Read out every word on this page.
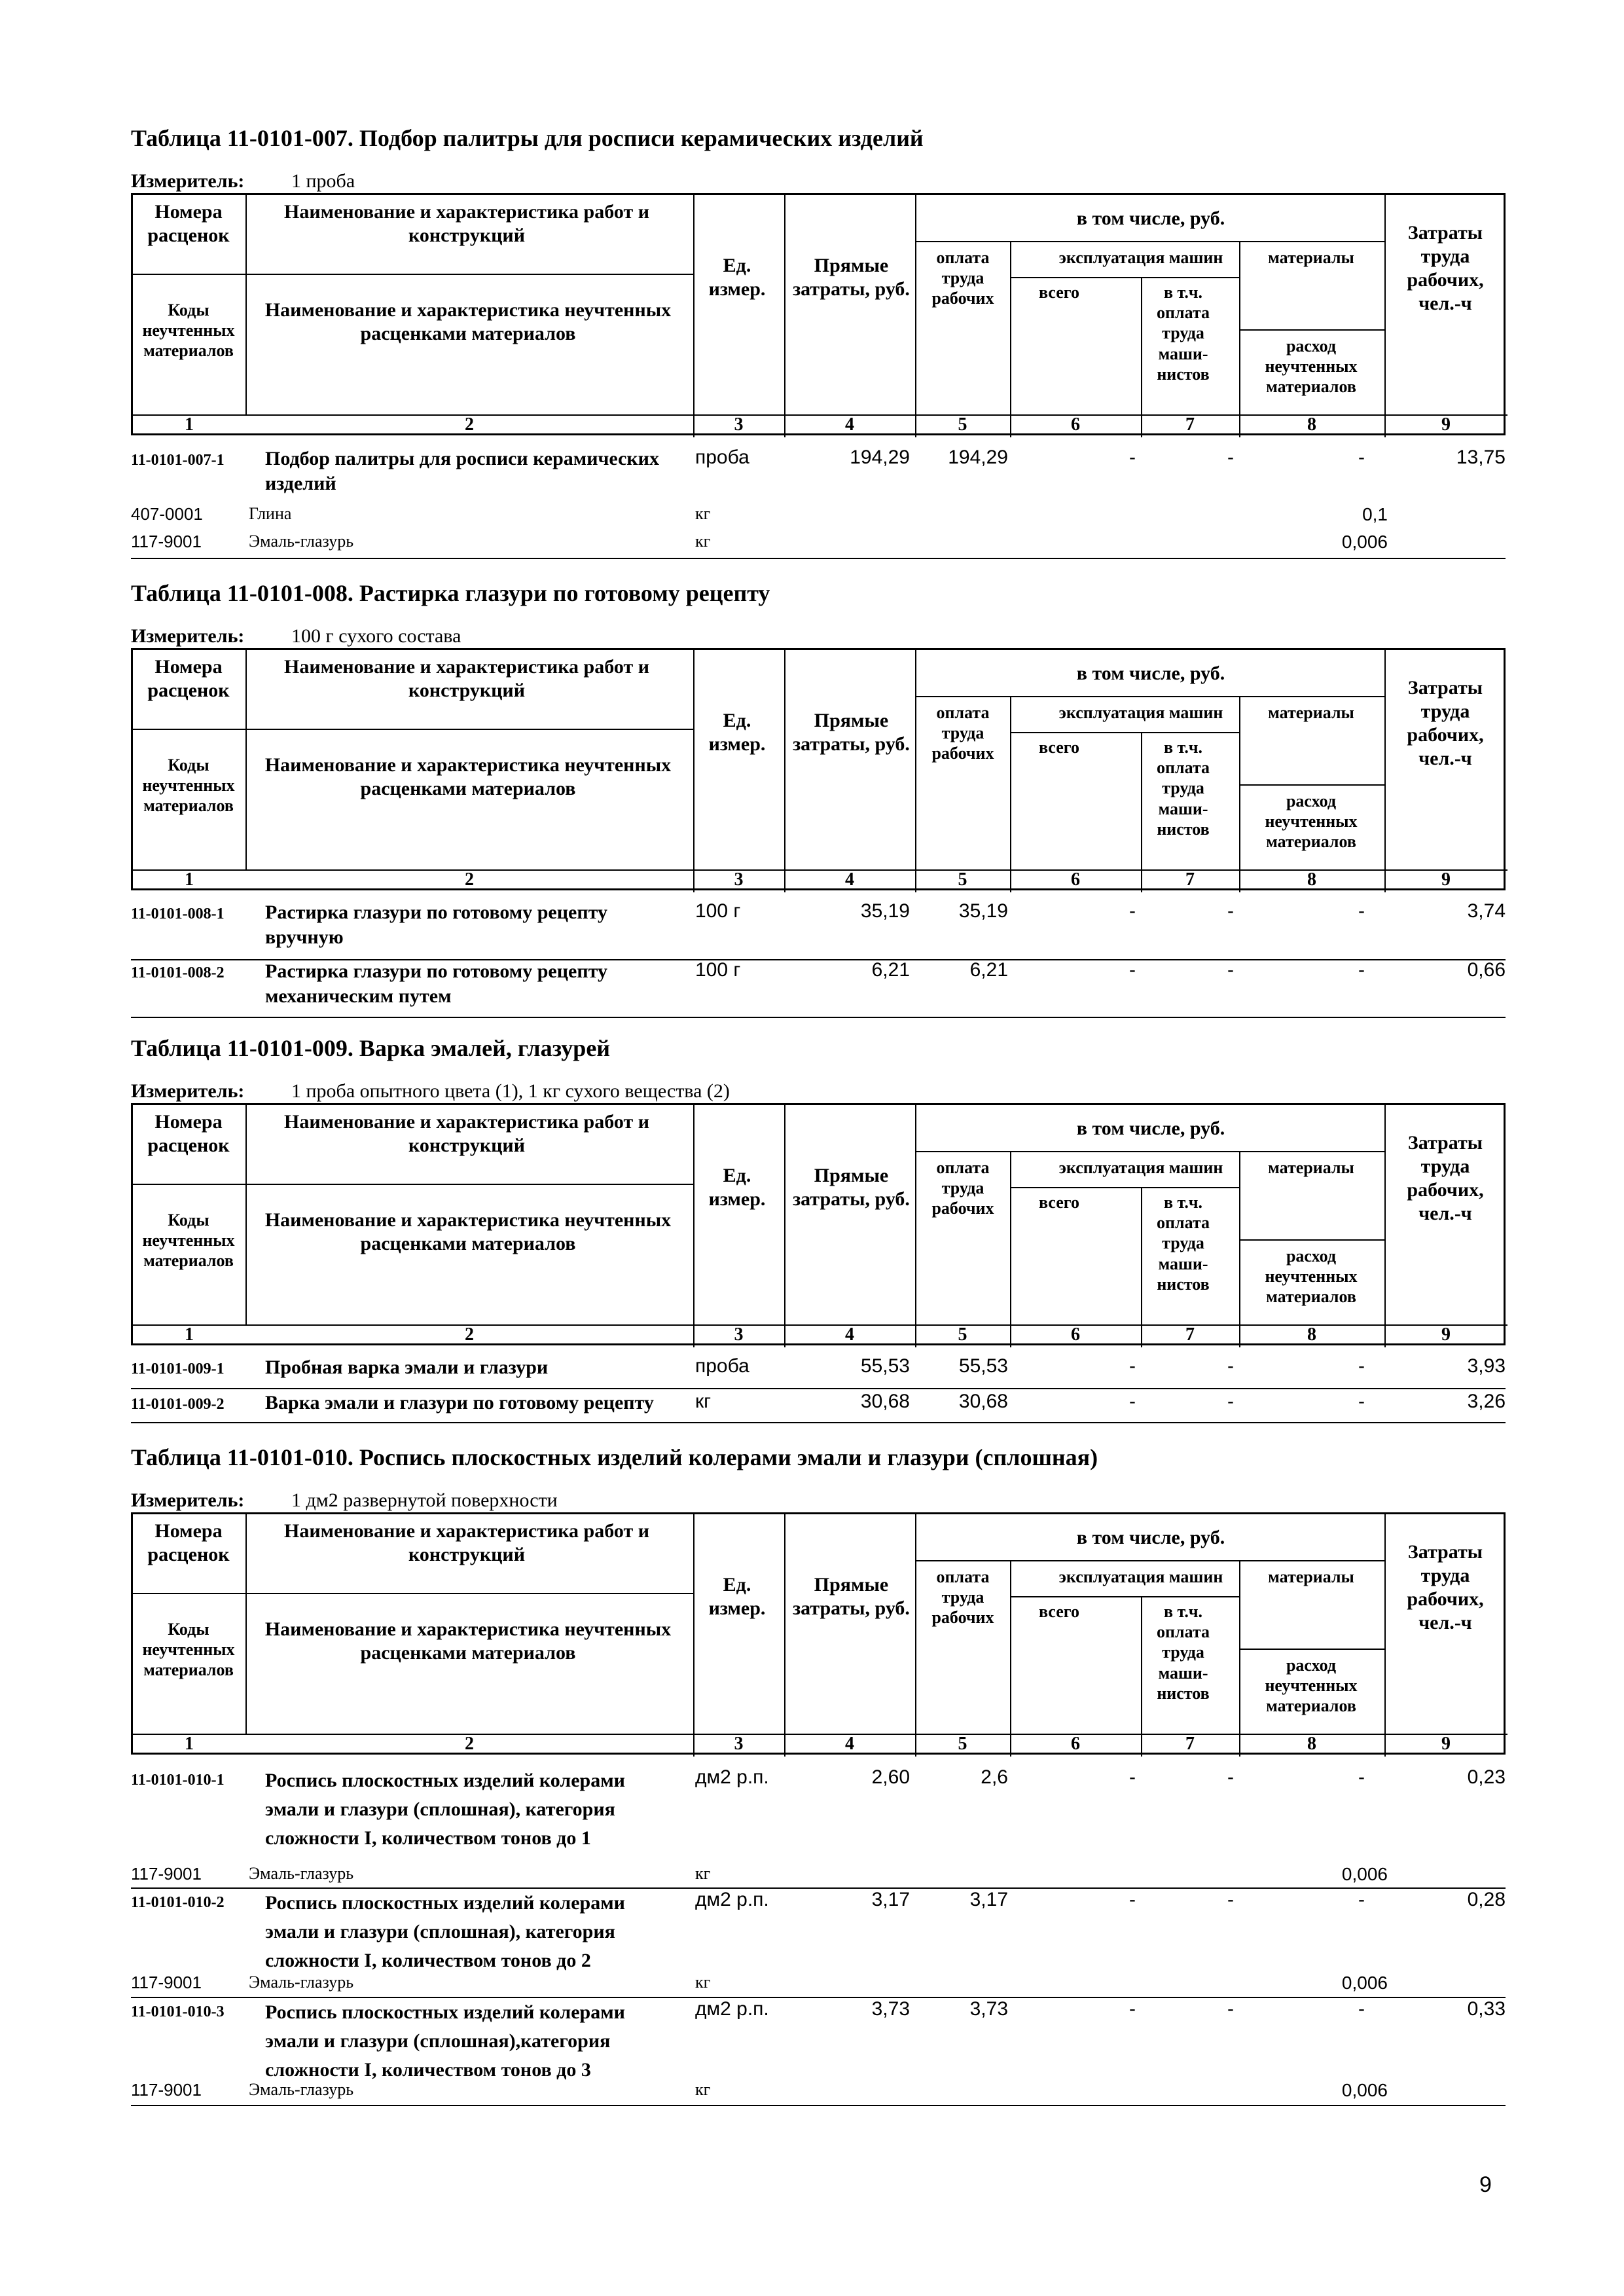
Таблица 11-0101-007. Подбор палитры для росписи керамических изделий
Измеритель: 1 проба
Номера расценок
Наименование и характеристика работ и конструкций
Коды неучтенных материалов
Наименование и характеристика неучтенных расценками материалов
Ед. измер.
Прямые затраты, руб.
в том числе, руб.
оплата труда рабочих
эксплуатация машин
всего	в т.ч. оплата труда маши-нистов
материалы
расход неучтенных материалов
Затраты труда рабочих, чел.-ч
1	2	3	4	5	6	7	8	9
11-0101-007-1 Подбор палитры для росписи керамических изделий
проба	194,29	194,29	-	-	-	13,75
407-0001	Глина	кг	0,1
117-9001	Эмаль-глазурь	кг	0,006
Таблица 11-0101-008. Растирка глазури по готовому рецепту
Измеритель: 100 г сухого состава
Номера расценок
Наименование и характеристика работ и конструкций
Коды неучтенных материалов
Наименование и характеристика неучтенных расценками материалов
Ед. измер.
Прямые затраты, руб.
в том числе, руб.
оплата труда рабочих
эксплуатация машин
всего	в т.ч. оплата труда маши-нистов
материалы
расход неучтенных материалов
Затраты труда рабочих, чел.-ч
1	2	3	4	5	6	7	8	9
11-0101-008-1 Растирка глазури по готовому рецепту вручную
100 г	35,19	35,19	-	-	-	3,74
11-0101-008-2 Растирка глазури по готовому рецепту механическим путем
100 г	6,21	6,21	-	-	-	0,66
Таблица 11-0101-009. Варка эмалей, глазурей
Измеритель: 1 проба опытного цвета (1), 1 кг сухого вещества (2)
Номера расценок
Наименование и характеристика работ и конструкций
Коды неучтенных материалов
Наименование и характеристика неучтенных расценками материалов
Ед. измер.
Прямые затраты, руб.
в том числе, руб.
оплата труда рабочих
эксплуатация машин
всего	в т.ч. оплата труда маши-нистов
материалы
расход неучтенных материалов
Затраты труда рабочих, чел.-ч
1	2	3	4	5	6	7	8	9
11-0101-009-1 Пробная варка эмали и глазури	проба	55,53	55,53	-	-	-	3,93
11-0101-009-2 Варка эмали и глазури по готовому рецепту	кг	30,68	30,68	-	-	-	3,26
Таблица 11-0101-010. Роспись плоскостных изделий колерами эмали и глазури (сплошная)
Измеритель: 1 дм2 развернутой поверхности
Номера расценок
Наименование и характеристика работ и конструкций
Коды неучтенных материалов
Наименование и характеристика неучтенных расценками материалов
Ед. измер.
Прямые затраты, руб.
в том числе, руб.
оплата труда рабочих
эксплуатация машин
всего	в т.ч. оплата труда маши-нистов
материалы
расход неучтенных материалов
Затраты труда рабочих, чел.-ч
1	2	3	4	5	6	7	8	9
11-0101-010-1 Роспись плоскостных изделий колерами эмали и глазури (сплошная), категория сложности I, количеством тонов до 1
дм2 р.п.	2,60	2,6	-	-	-	0,23
117-9001	Эмаль-глазурь	кг	0,006
11-0101-010-2 Роспись плоскостных изделий колерами эмали и глазури (сплошная), категория сложности I, количеством тонов до 2
дм2 р.п.	3,17	3,17	-	-	-	0,28
117-9001	Эмаль-глазурь	кг	0,006
11-0101-010-3 Роспись плоскостных изделий колерами эмали и глазури (сплошная),категория сложности I, количеством тонов до 3
дм2 р.п.	3,73	3,73	-	-	-	0,33
117-9001	Эмаль-глазурь	кг	0,006
9
